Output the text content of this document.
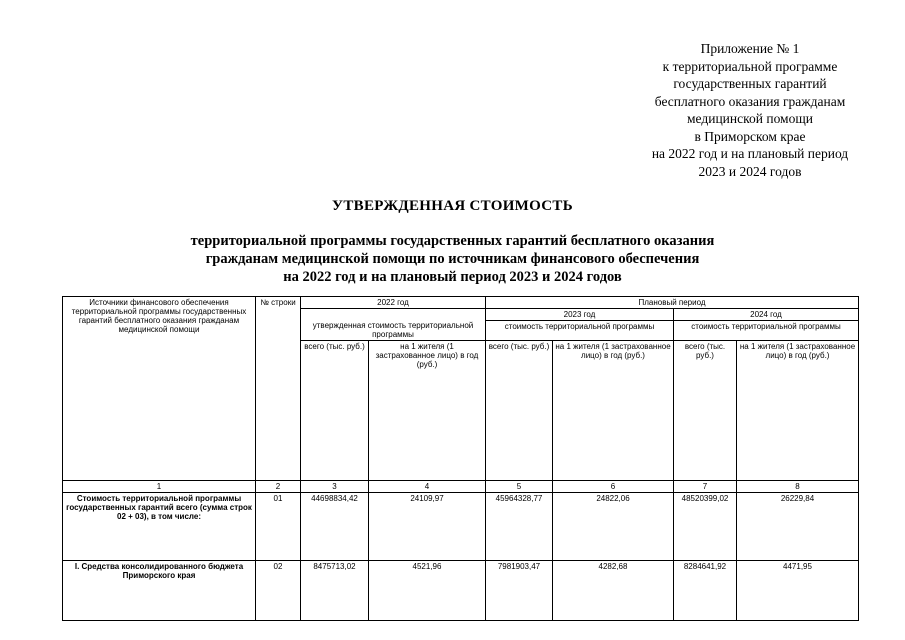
Приложение № 1
к территориальной программе
государственных гарантий
бесплатного оказания гражданам
медицинской помощи
в Приморском крае
на 2022 год и на плановый период
2023 и 2024 годов
УТВЕРЖДЕННАЯ СТОИМОСТЬ
территориальной программы государственных гарантий бесплатного оказания
гражданам медицинской помощи по источникам финансового обеспечения
на 2022 год и на плановый период 2023 и 2024 годов
Источники финансового обеспечения территориальной программы государственных гарантий бесплатного оказания гражданам медицинской помощи	№ строки	2022 год		Плановый период			
		утвержденная стоимость территориальной программы		2023 год		2024 год	
				стоимость территориальной программы		стоимость территориальной программы	
		всего (тыс. руб.)	на 1 жителя (1 застрахованное лицо) в год (руб.)	всего (тыс. руб.)	на 1 жителя (1 застрахованное лицо) в год (руб.)	всего (тыс. руб.)	на 1 жителя (1 застрахованное лицо) в год (руб.)
1	2	3	4	5	6	7	8
Стоимость территориальной программы государственных гарантий всего (сумма строк 02 + 03), в том числе:	01	44698834,42	24109,97	45964328,77	24822,06	48520399,02	26229,84
I. Средства консолидированного бюджета Приморского края	02	8475713,02	4521,96	7981903,47	4282,68	8284641,92	4471,95
